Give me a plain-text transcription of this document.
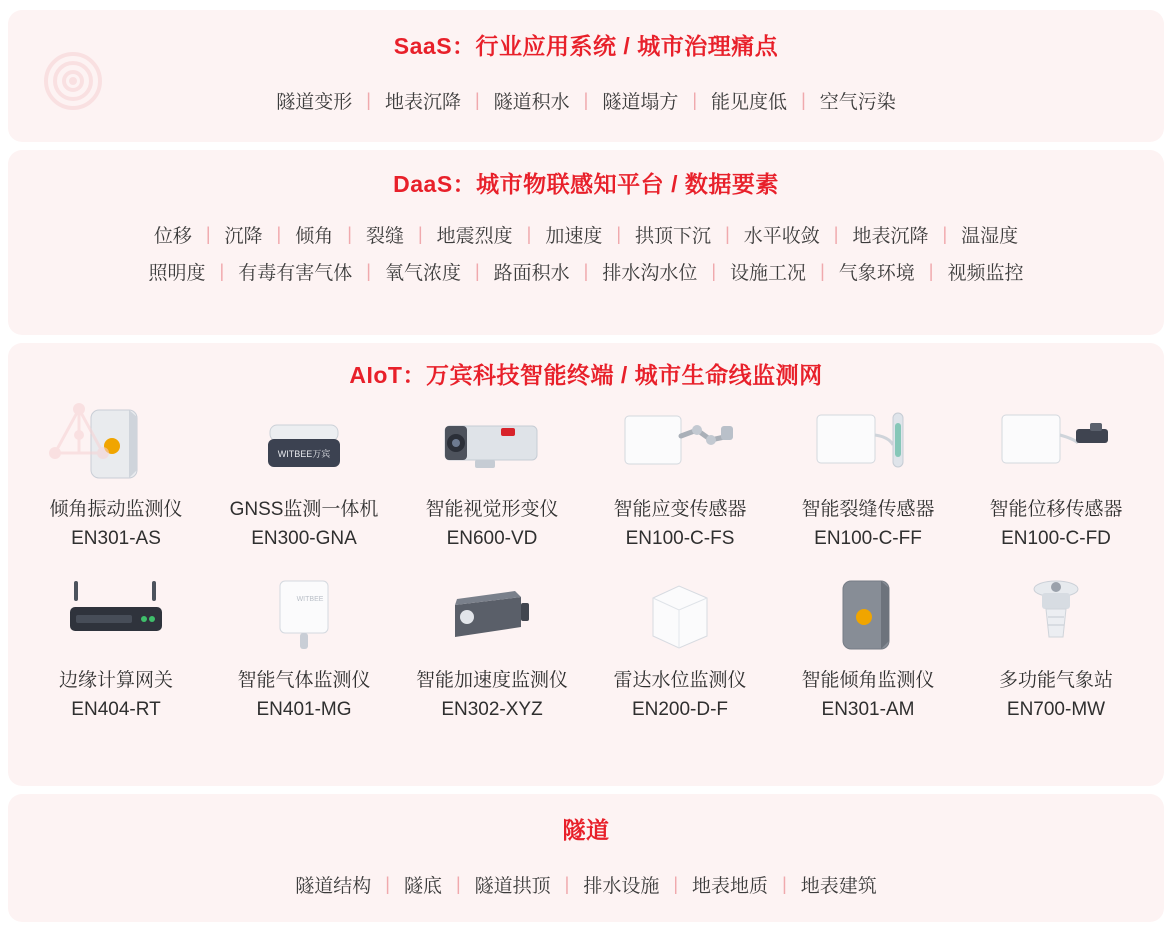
SaaS：行业应用系统 / 城市治理痛点
隧道变形 | 地表沉降 | 隧道积水 | 隧道塌方 | 能见度低 | 空气污染
DaaS：城市物联感知平台 / 数据要素
位移 | 沉降 | 倾角 | 裂缝 | 地震烈度 | 加速度 | 拱顶下沉 | 水平收敛 | 地表沉降 | 温湿度
照明度 | 有毒有害气体 | 氧气浓度 | 路面积水 | 排水沟水位 | 设施工况 | 气象环境 | 视频监控
AIoT：万宾科技智能终端 / 城市生命线监测网
倾角振动监测仪
EN301-AS
WITBEE万宾
GNSS监测一体机
EN300-GNA
智能视觉形变仪
EN600-VD
智能应变传感器
EN100-C-FS
智能裂缝传感器
EN100-C-FF
智能位移传感器
EN100-C-FD
边缘计算网关
EN404-RT
WITBEE
智能气体监测仪
EN401-MG
智能加速度监测仪
EN302-XYZ
雷达水位监测仪
EN200-D-F
智能倾角监测仪
EN301-AM
多功能气象站
EN700-MW
隧道
隧道结构 | 隧底 | 隧道拱顶 | 排水设施 | 地表地质 | 地表建筑
